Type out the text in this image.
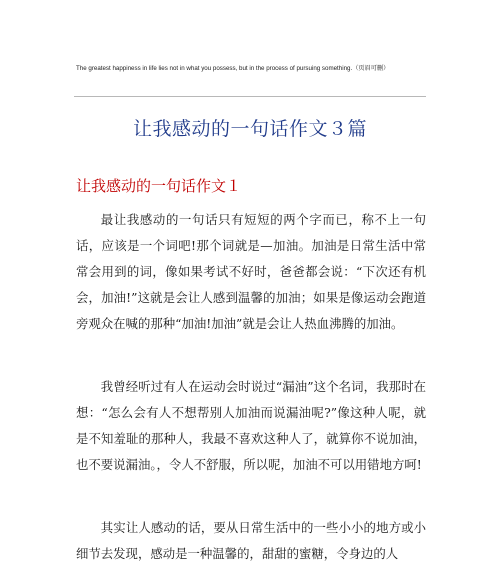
The greatest happiness in life lies not in what you possess, but in the process of pursuing something.（页眉可删）
让我感动的一句话作文３篇
让我感动的一句话作文１

最让我感动的一句话只有短短的两个字而已，称不上一句话，应该是一个词吧!那个词就是—加油。加油是日常生活中常常会用到的词，像如果考试不好时，爸爸都会说：“下次还有机会，加油!”这就是会让人感到温馨的加油；如果是像运动会跑道旁观众在喊的那种“加油!加油”就是会让人热血沸腾的加油。

我曾经听过有人在运动会时说过“漏油”这个名词，我那时在想：“怎么会有人不想帮别人加油而说漏油呢?”像这种人呢，就是不知羞耻的那种人，我最不喜欢这种人了，就算你不说加油，也不要说漏油。，令人不舒服，所以呢，加油不可以用错地方呵!

其实让人感动的话，要从日常生活中的一些小小的地方或小细节去发现，感动是一种温馨的，甜甜的蜜糖，令身边的人
